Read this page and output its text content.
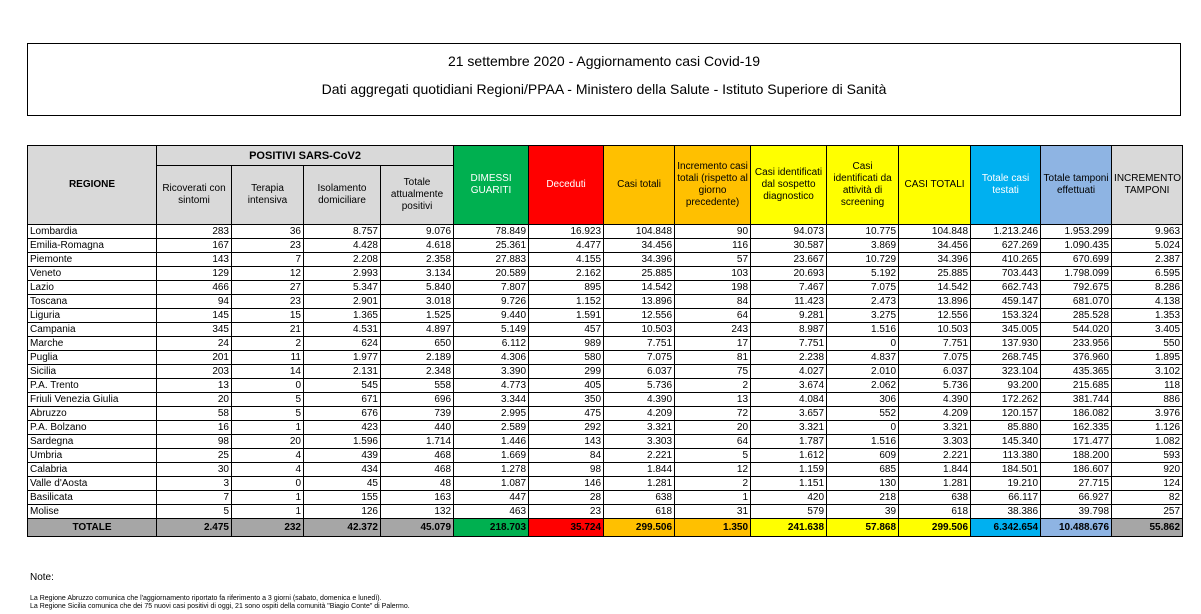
21 settembre 2020 - Aggiornamento casi Covid-19
Dati aggregati quotidiani Regioni/PPAA - Ministero della Salute - Istituto Superiore di Sanità
REGIONE	POSITIVI SARS-CoV2				DIMESSI GUARITI	Deceduti	Casi totali	Incremento casi totali (rispetto al giorno precedente)	Casi identificati dal sospetto diagnostico	Casi identificati da attività di screening	CASI TOTALI	Totale casi testati	Totale tamponi effettuati	INCREMENTO TAMPONI
	Ricoverati con sintomi	Terapia intensiva	Isolamento domiciliare	Totale attualmente positivi										
Lombardia	283	36	8.757	9.076	78.849	16.923	104.848	90	94.073	10.775	104.848	1.213.246	1.953.299	9.963
Emilia-Romagna	167	23	4.428	4.618	25.361	4.477	34.456	116	30.587	3.869	34.456	627.269	1.090.435	5.024
Piemonte	143	7	2.208	2.358	27.883	4.155	34.396	57	23.667	10.729	34.396	410.265	670.699	2.387
Veneto	129	12	2.993	3.134	20.589	2.162	25.885	103	20.693	5.192	25.885	703.443	1.798.099	6.595
Lazio	466	27	5.347	5.840	7.807	895	14.542	198	7.467	7.075	14.542	662.743	792.675	8.286
Toscana	94	23	2.901	3.018	9.726	1.152	13.896	84	11.423	2.473	13.896	459.147	681.070	4.138
Liguria	145	15	1.365	1.525	9.440	1.591	12.556	64	9.281	3.275	12.556	153.324	285.528	1.353
Campania	345	21	4.531	4.897	5.149	457	10.503	243	8.987	1.516	10.503	345.005	544.020	3.405
Marche	24	2	624	650	6.112	989	7.751	17	7.751	0	7.751	137.930	233.956	550
Puglia	201	11	1.977	2.189	4.306	580	7.075	81	2.238	4.837	7.075	268.745	376.960	1.895
Sicilia	203	14	2.131	2.348	3.390	299	6.037	75	4.027	2.010	6.037	323.104	435.365	3.102
P.A. Trento	13	0	545	558	4.773	405	5.736	2	3.674	2.062	5.736	93.200	215.685	118
Friuli Venezia Giulia	20	5	671	696	3.344	350	4.390	13	4.084	306	4.390	172.262	381.744	886
Abruzzo	58	5	676	739	2.995	475	4.209	72	3.657	552	4.209	120.157	186.082	3.976
P.A. Bolzano	16	1	423	440	2.589	292	3.321	20	3.321	0	3.321	85.880	162.335	1.126
Sardegna	98	20	1.596	1.714	1.446	143	3.303	64	1.787	1.516	3.303	145.340	171.477	1.082
Umbria	25	4	439	468	1.669	84	2.221	5	1.612	609	2.221	113.380	188.200	593
Calabria	30	4	434	468	1.278	98	1.844	12	1.159	685	1.844	184.501	186.607	920
Valle d'Aosta	3	0	45	48	1.087	146	1.281	2	1.151	130	1.281	19.210	27.715	124
Basilicata	7	1	155	163	447	28	638	1	420	218	638	66.117	66.927	82
Molise	5	1	126	132	463	23	618	31	579	39	618	38.386	39.798	257
TOTALE	2.475	232	42.372	45.079	218.703	35.724	299.506	1.350	241.638	57.868	299.506	6.342.654	10.488.676	55.862
Note:
La Regione Abruzzo comunica che l'aggiornamento riportato fa riferimento a 3 giorni (sabato, domenica e lunedì).
La Regione Sicilia comunica che dei 75 nuovi casi positivi di oggi, 21 sono ospiti della comunità "Biagio Conte" di Palermo.
